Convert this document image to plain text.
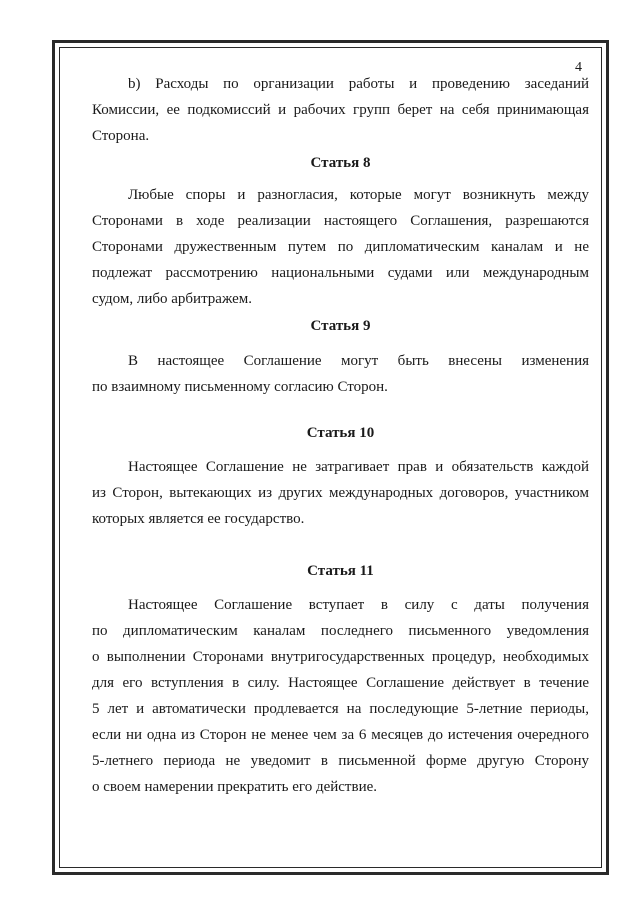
4
b) Расходы по организации работы и проведению заседаний
Комиссии, ее подкомиссий и рабочих групп берет на себя принимающая
Сторона.
Статья 8
Любые споры и разногласия, которые могут возникнуть между
Сторонами в ходе реализации настоящего Соглашения, разрешаются
Сторонами дружественным путем по дипломатическим каналам и не
подлежат рассмотрению национальными судами или международным
судом, либо арбитражем.
Статья 9
В настоящее Соглашение могут быть внесены изменения
по взаимному письменному согласию Сторон.
Статья 10
Настоящее Соглашение не затрагивает прав и обязательств каждой
из Сторон, вытекающих из других международных договоров, участником
которых является ее государство.
Статья 11
Настоящее Соглашение вступает в силу с даты получения
по дипломатическим каналам последнего письменного уведомления
о выполнении Сторонами внутригосударственных процедур, необходимых
для его вступления в силу. Настоящее Соглашение действует в течение
5 лет и автоматически продлевается на последующие 5-летние периоды,
если ни одна из Сторон не менее чем за 6 месяцев до истечения очередного
5-летнего периода не уведомит в письменной форме другую Сторону
о своем намерении прекратить его действие.
